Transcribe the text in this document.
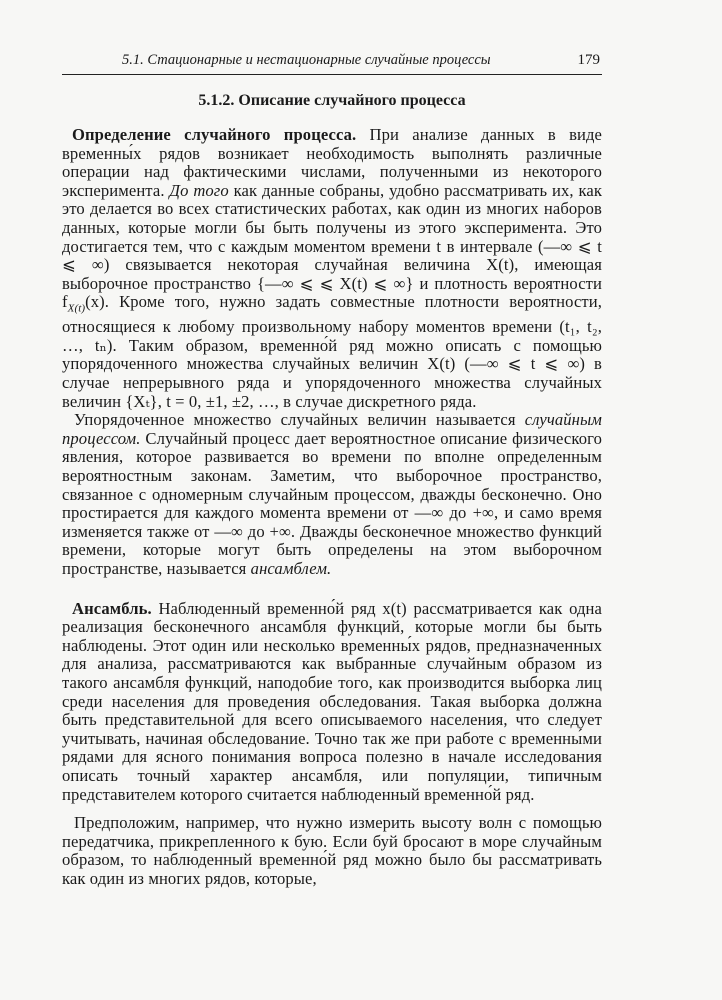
5.1. Стационарные и нестационарные случайные процессы	179
5.1.2. Описание случайного процесса

Определение случайного процесса. При анализе данных в виде временны́х рядов возникает необходимость выполнять различные операции над фактическими числами, полученными из некоторого эксперимента. До того как данные собраны, удобно рассматривать их, как это делается во всех статистических работах, как один из многих наборов данных, которые могли бы быть получены из этого эксперимента. Это достигается тем, что с каждым моментом времени t в интервале (—∞ ⩽ t ⩽ ∞) связывается некоторая случайная величина X(t), имеющая выборочное пространство {—∞ ⩽ ⩽ X(t) ⩽ ∞} и плотность вероятности $f_{X(t)}(x)$. Кроме того, нужно задать совместные плотности вероятности, относящиеся к любому произвольному набору моментов времени (t₁, t₂, …, tₙ). Таким образом, временно́й ряд можно описать с помощью упорядоченного множества случайных величин X(t) (—∞ ⩽ t ⩽ ∞) в случае непрерывного ряда и упорядоченного множества случайных величин {Xₜ}, t = 0, ±1, ±2, …, в случае дискретного ряда.

Упорядоченное множество случайных величин называется случайным процессом. Случайный процесс дает вероятностное описание физического явления, которое развивается во времени по вполне определенным вероятностным законам. Заметим, что выборочное пространство, связанное с одномерным случайным процессом, дважды бесконечно. Оно простирается для каждого момента времени от —∞ до +∞, и само время изменяется также от —∞ до +∞. Дважды бесконечное множество функций времени, которые могут быть определены на этом выборочном пространстве, называется ансамблем.

Ансамбль. Наблюденный временно́й ряд x(t) рассматривается как одна реализация бесконечного ансамбля функций, которые могли бы быть наблюдены. Этот один или несколько временны́х рядов, предназначенных для анализа, рассматриваются как выбранные случайным образом из такого ансамбля функций, наподобие того, как производится выборка лиц среди населения для проведения обследования. Такая выборка должна быть представительной для всего описываемого населения, что следует учитывать, начиная обследование. Точно так же при работе с временны́ми рядами для ясного понимания вопроса полезно в начале исследования описать точный характер ансамбля, или популяции, типичным представителем которого считается наблюденный временно́й ряд.

Предположим, например, что нужно измерить высоту волн с помощью передатчика, прикрепленного к бую. Если буй бросают в море случайным образом, то наблюденный временно́й ряд можно было бы рассматривать как один из многих рядов, которые,
